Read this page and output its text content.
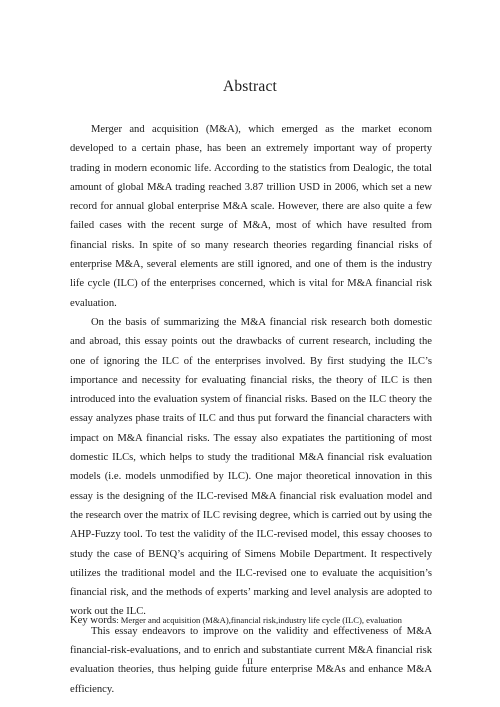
Abstract

Merger and acquisition (M&A), which emerged as the market econom developed to a certain phase, has been an extremely important way of property trading in modern economic life. According to the statistics from Dealogic, the total amount of global M&A trading reached 3.87 trillion USD in 2006, which set a new record for annual global enterprise M&A scale. However, there are also quite a few failed cases with the recent surge of M&A, most of which have resulted from financial risks. In spite of so many research theories regarding financial risks of enterprise M&A, several elements are still ignored, and one of them is the industry life cycle (ILC) of the enterprises concerned, which is vital for M&A financial risk evaluation.

On the basis of summarizing the M&A financial risk research both domestic and abroad, this essay points out the drawbacks of current research, including the one of ignoring the ILC of the enterprises involved. By first studying the ILC’s importance and necessity for evaluating financial risks, the theory of ILC is then introduced into the evaluation system of financial risks. Based on the ILC theory the essay analyzes phase traits of ILC and thus put forward the financial characters with impact on M&A financial risks. The essay also expatiates the partitioning of most domestic ILCs, which helps to study the traditional M&A financial risk evaluation models (i.e. models unmodified by ILC). One major theoretical innovation in this essay is the designing of the ILC-revised M&A financial risk evaluation model and the research over the matrix of ILC revising degree, which is carried out by using the AHP-Fuzzy tool. To test the validity of the ILC-revised model, this essay chooses to study the case of BENQ’s acquiring of Simens Mobile Department. It respectively utilizes the traditional model and the ILC-revised one to evaluate the acquisition’s financial risk, and the methods of experts’ marking and level analysis are adopted to work out the ILC.

This essay endeavors to improve on the validity and effectiveness of M&A financial-risk-evaluations, and to enrich and substantiate current M&A financial risk evaluation theories, thus helping guide future enterprise M&As and enhance M&A efficiency.

Key words: Merger and acquisition (M&A),financial risk,industry life cycle (ILC), evaluation
II
